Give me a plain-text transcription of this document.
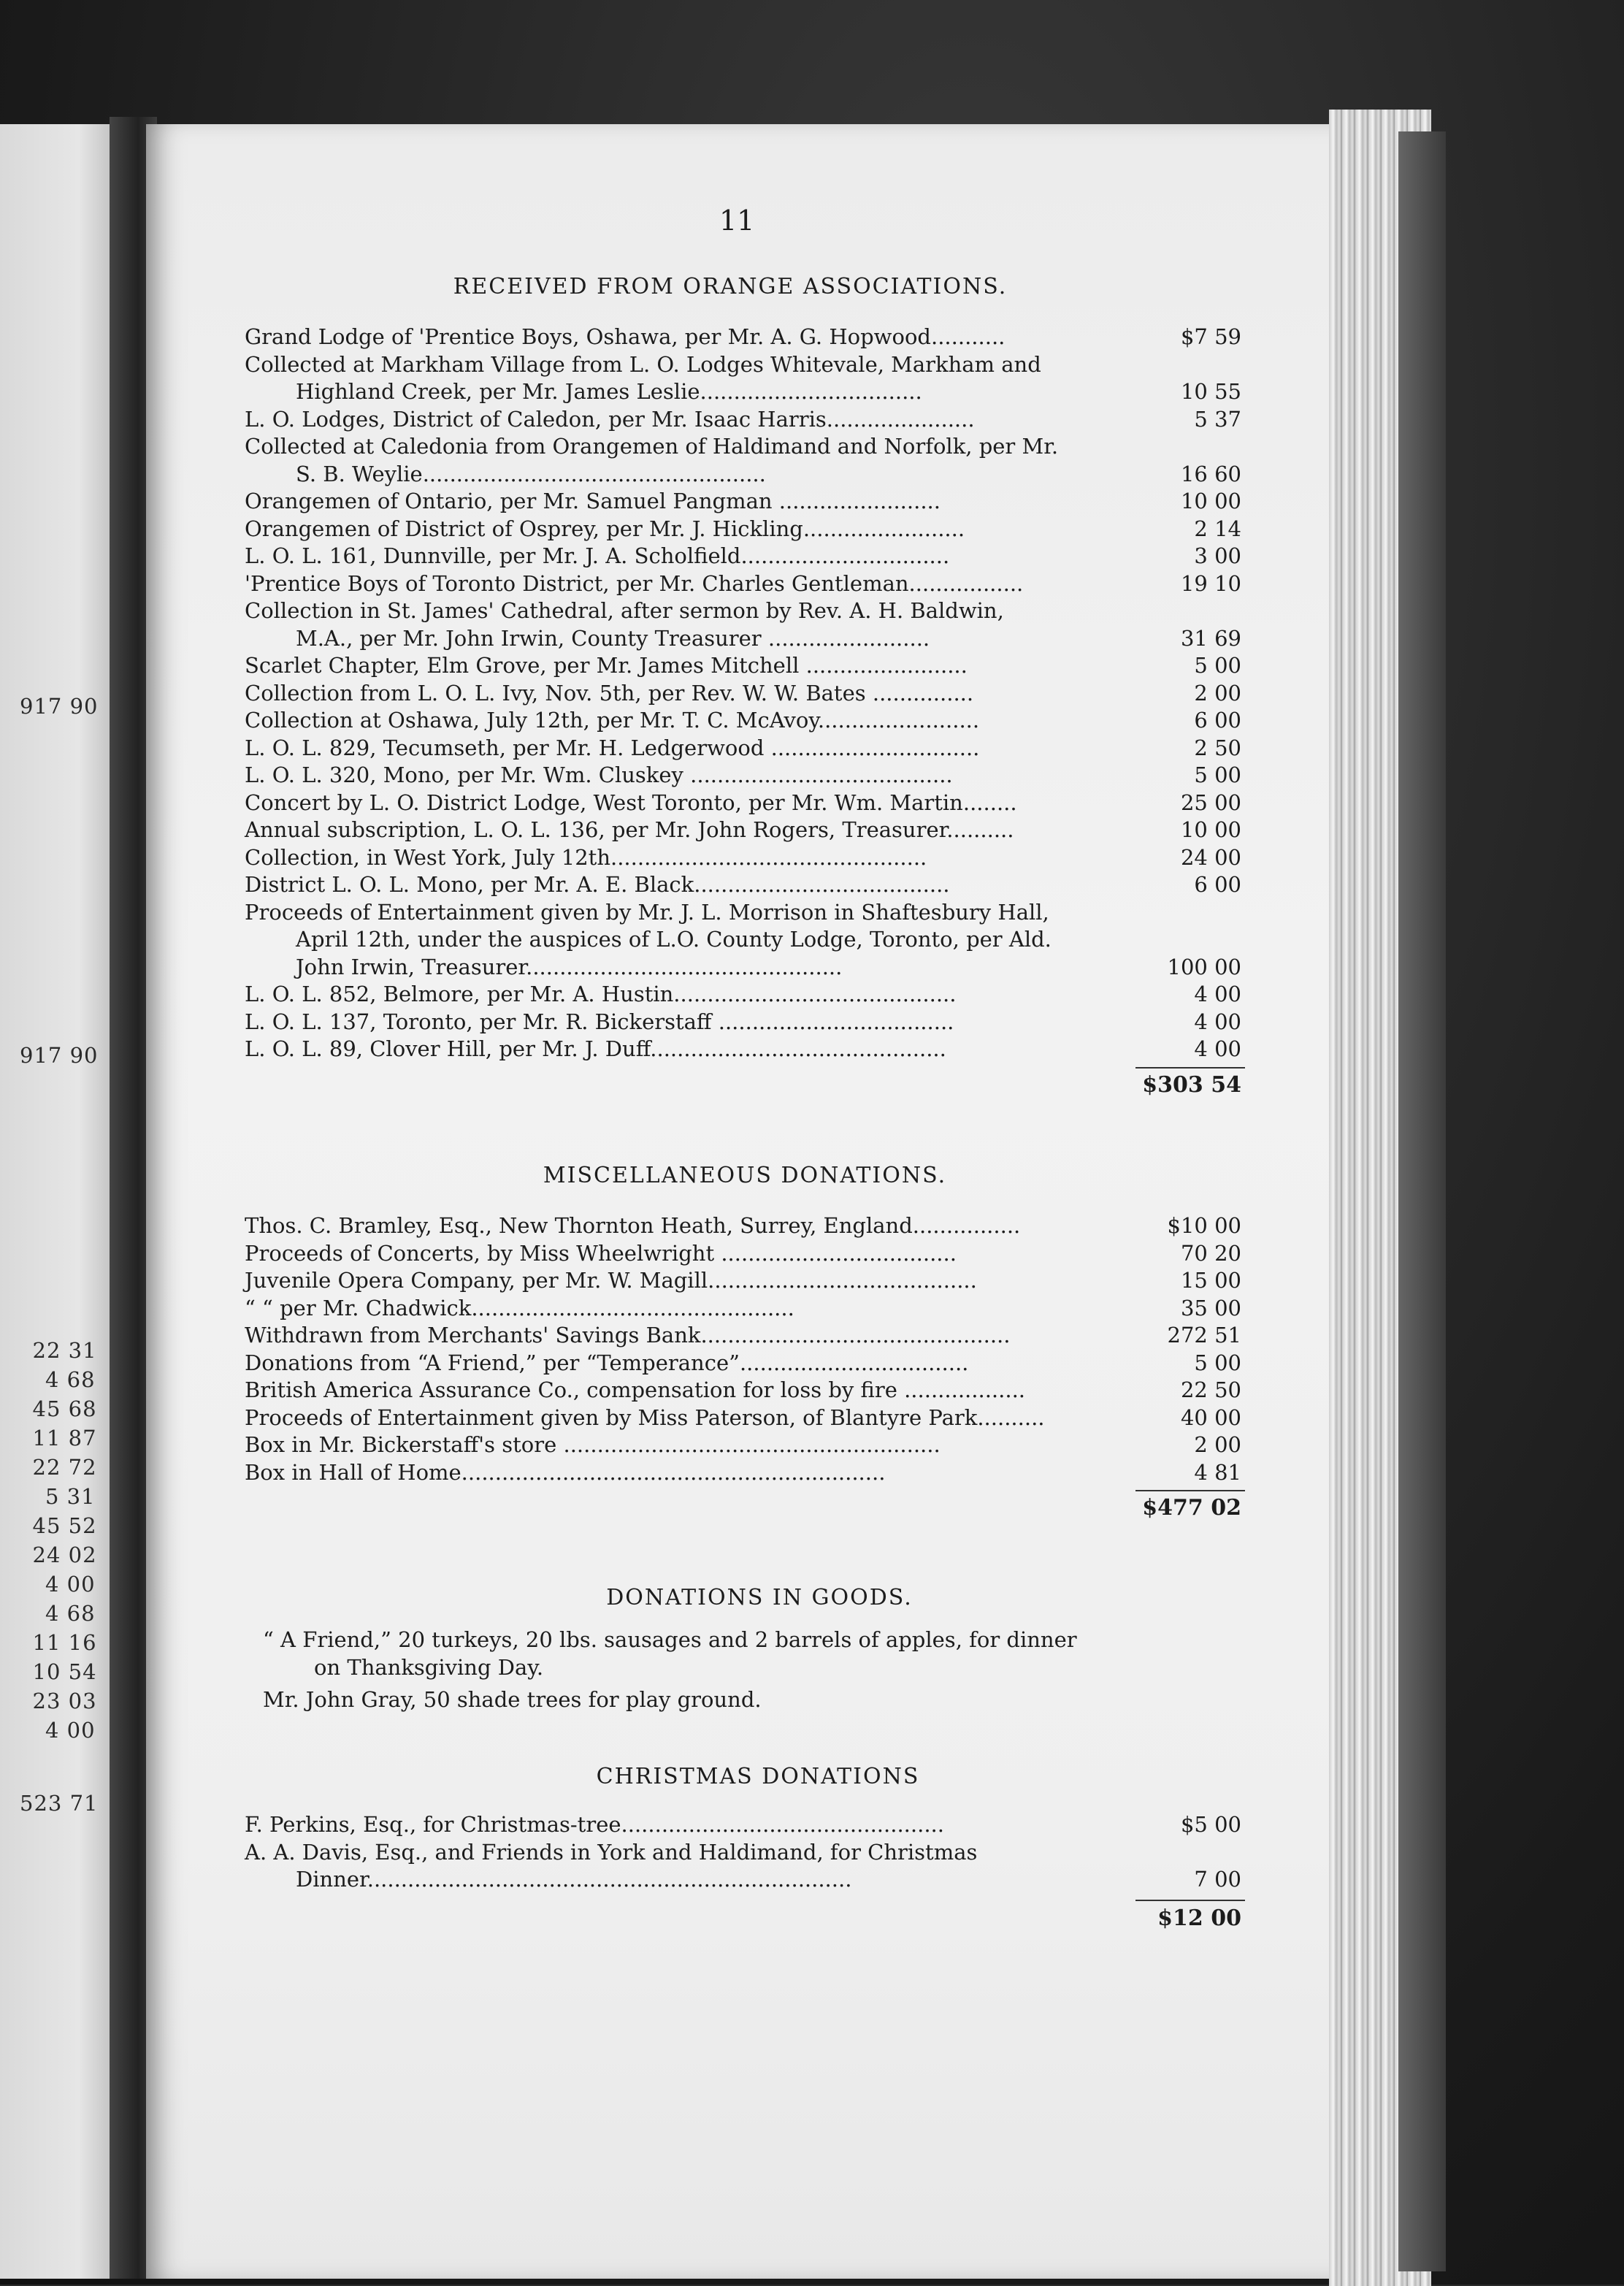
917 90
917 90
22 31
4 68
45 68
11 87
22 72
5 31
45 52
24 02
4 00
4 68
11 16
10 54
23 03
4 00
523 71
11
RECEIVED FROM ORANGE ASSOCIATIONS.
Grand Lodge of 'Prentice Boys, Oshawa, per Mr. A. G. Hopwood...........	$7 59
Collected at Markham Village from L. O. Lodges Whitevale, Markham and
Highland Creek, per Mr. James Leslie.................................	10 55
L. O. Lodges, District of Caledon, per Mr. Isaac Harris......................	5 37
Collected at Caledonia from Orangemen of Haldimand and Norfolk, per Mr.
S. B. Weylie...................................................	16 60
Orangemen of Ontario, per Mr. Samuel Pangman ........................	10 00
Orangemen of District of Osprey, per Mr. J. Hickling........................	2 14
L. O. L. 161, Dunnville, per Mr. J. A. Scholfield...............................	3 00
'Prentice Boys of Toronto District, per Mr. Charles Gentleman.................	19 10
Collection in St. James' Cathedral, after sermon by Rev. A. H. Baldwin,
M.A., per Mr. John Irwin, County Treasurer ........................	31 69
Scarlet Chapter, Elm Grove, per Mr. James Mitchell ........................	5 00
Collection from L. O. L. Ivy, Nov. 5th, per Rev. W. W. Bates ...............	2 00
Collection at Oshawa, July 12th, per Mr. T. C. McAvoy........................	6 00
L. O. L. 829, Tecumseth, per Mr. H. Ledgerwood ...............................	2 50
L. O. L. 320, Mono, per Mr. Wm. Cluskey .......................................	5 00
Concert by L. O. District Lodge, West Toronto, per Mr. Wm. Martin........	25 00
Annual subscription, L. O. L. 136, per Mr. John Rogers, Treasurer..........	10 00
Collection, in West York, July 12th...............................................	24 00
District L. O. L. Mono, per Mr. A. E. Black......................................	6 00
Proceeds of Entertainment given by Mr. J. L. Morrison in Shaftesbury Hall,
April 12th, under the auspices of L.O. County Lodge, Toronto, per Ald.
John Irwin, Treasurer...............................................	100 00
L. O. L. 852, Belmore, per Mr. A. Hustin..........................................	4 00
L. O. L. 137, Toronto, per Mr. R. Bickerstaff ...................................	4 00
L. O. L. 89, Clover Hill, per Mr. J. Duff............................................	4 00
$303 54
MISCELLANEOUS DONATIONS.
Thos. C. Bramley, Esq., New Thornton Heath, Surrey, England................	$10 00
Proceeds of Concerts, by Miss Wheelwright ...................................	70 20
Juvenile Opera Company, per Mr. W. Magill........................................	15 00
“ “ per Mr. Chadwick................................................	35 00
Withdrawn from Merchants' Savings Bank..............................................	272 51
Donations from “A Friend,” per “Temperance”..................................	5 00
British America Assurance Co., compensation for loss by fire ..................	22 50
Proceeds of Entertainment given by Miss Paterson, of Blantyre Park..........	40 00
Box in Mr. Bickerstaff's store ........................................................	2 00
Box in Hall of Home...............................................................	4 81
$477 02
DONATIONS IN GOODS.
“ A Friend,” 20 turkeys, 20 lbs. sausages and 2 barrels of apples, for dinner
on Thanksgiving Day.
Mr. John Gray, 50 shade trees for play ground.
CHRISTMAS DONATIONS
F. Perkins, Esq., for Christmas-tree................................................	$5 00
A. A. Davis, Esq., and Friends in York and Haldimand, for Christmas
Dinner........................................................................	7 00
$12 00
